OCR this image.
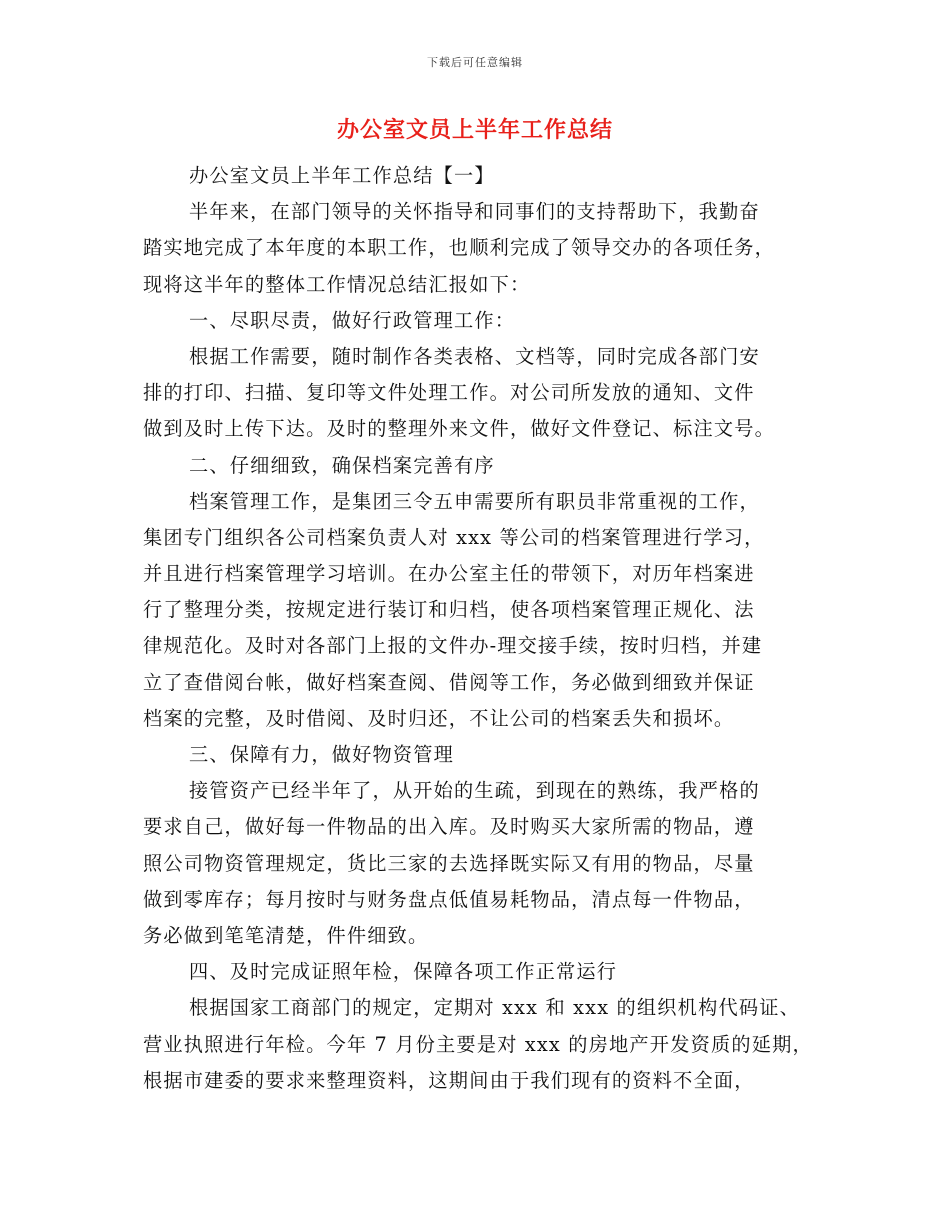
下载后可任意编辑
办公室文员上半年工作总结
办公室文员上半年工作总结【一】
半年来，在部门领导的关怀指导和同事们的支持帮助下，我勤奋
踏实地完成了本年度的本职工作，也顺利完成了领导交办的各项任务，
现将这半年的整体工作情况总结汇报如下：
一、尽职尽责，做好行政管理工作：
根据工作需要，随时制作各类表格、文档等，同时完成各部门安
排的打印、扫描、复印等文件处理工作。对公司所发放的通知、文件
做到及时上传下达。及时的整理外来文件，做好文件登记、标注文号。
二、仔细细致，确保档案完善有序
档案管理工作，是集团三令五申需要所有职员非常重视的工作，
集团专门组织各公司档案负责人对 xxx 等公司的档案管理进行学习，
并且进行档案管理学习培训。在办公室主任的带领下，对历年档案进
行了整理分类，按规定进行装订和归档，使各项档案管理正规化、法
律规范化。及时对各部门上报的文件办-理交接手续，按时归档，并建
立了查借阅台帐，做好档案查阅、借阅等工作，务必做到细致并保证
档案的完整，及时借阅、及时归还，不让公司的档案丢失和损坏。
三、保障有力，做好物资管理
接管资产已经半年了，从开始的生疏，到现在的熟练，我严格的
要求自己，做好每一件物品的出入库。及时购买大家所需的物品，遵
照公司物资管理规定，货比三家的去选择既实际又有用的物品，尽量
做到零库存；每月按时与财务盘点低值易耗物品，清点每一件物品，
务必做到笔笔清楚，件件细致。
四、及时完成证照年检，保障各项工作正常运行
根据国家工商部门的规定，定期对 xxx 和 xxx 的组织机构代码证、
营业执照进行年检。今年 7 月份主要是对 xxx 的房地产开发资质的延期，
根据市建委的要求来整理资料，这期间由于我们现有的资料不全面，
